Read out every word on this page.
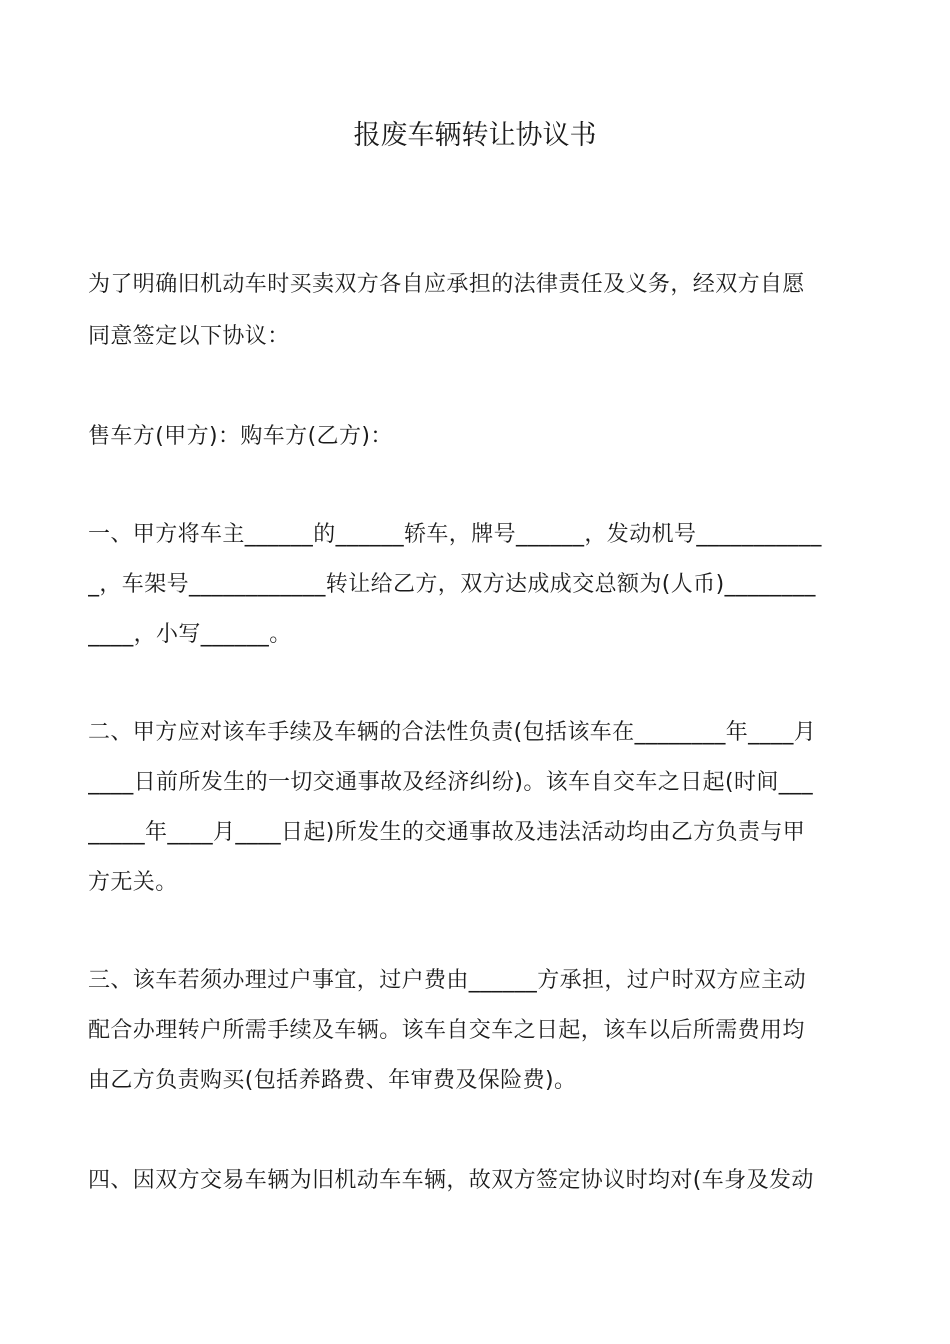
报废车辆转让协议书
为了明确旧机动车时买卖双方各自应承担的法律责任及义务，经双方自愿
同意签定以下协议：
售车方(甲方)：购车方(乙方)：
一、甲方将车主______的______轿车，牌号______，发动机号___________
_，车架号____________转让给乙方，双方达成成交总额为(人币)________
____，小写______。
二、甲方应对该车手续及车辆的合法性负责(包括该车在________年____月
____日前所发生的一切交通事故及经济纠纷)。该车自交车之日起(时间___
_____年____月____日起)所发生的交通事故及违法活动均由乙方负责与甲
方无关。
三、该车若须办理过户事宜，过户费由______方承担，过户时双方应主动
配合办理转户所需手续及车辆。该车自交车之日起，该车以后所需费用均
由乙方负责购买(包括养路费、年审费及保险费)。
四、因双方交易车辆为旧机动车车辆，故双方签定协议时均对(车身及发动
